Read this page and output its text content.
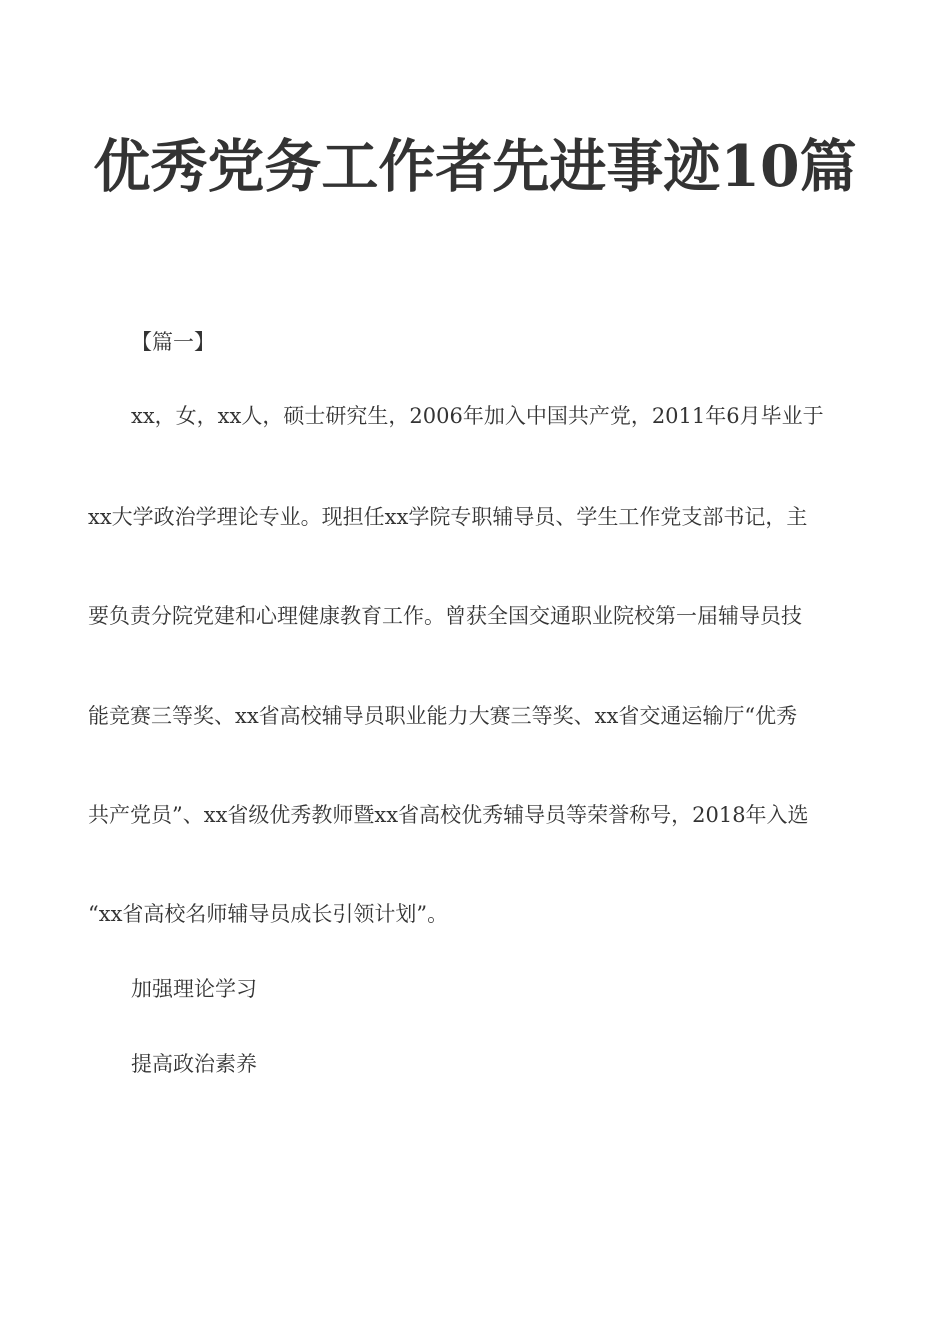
优秀党务工作者先进事迹10篇
【篇一】
xx，女，xx人，硕士研究生，2006年加入中国共产党，2011年6月毕业于
xx大学政治学理论专业。现担任xx学院专职辅导员、学生工作党支部书记，主
要负责分院党建和心理健康教育工作。曾获全国交通职业院校第一届辅导员技
能竞赛三等奖、xx省高校辅导员职业能力大赛三等奖、xx省交通运输厅“优秀
共产党员”、xx省级优秀教师暨xx省高校优秀辅导员等荣誉称号，2018年入选
“xx省高校名师辅导员成长引领计划”。
加强理论学习
提高政治素养
